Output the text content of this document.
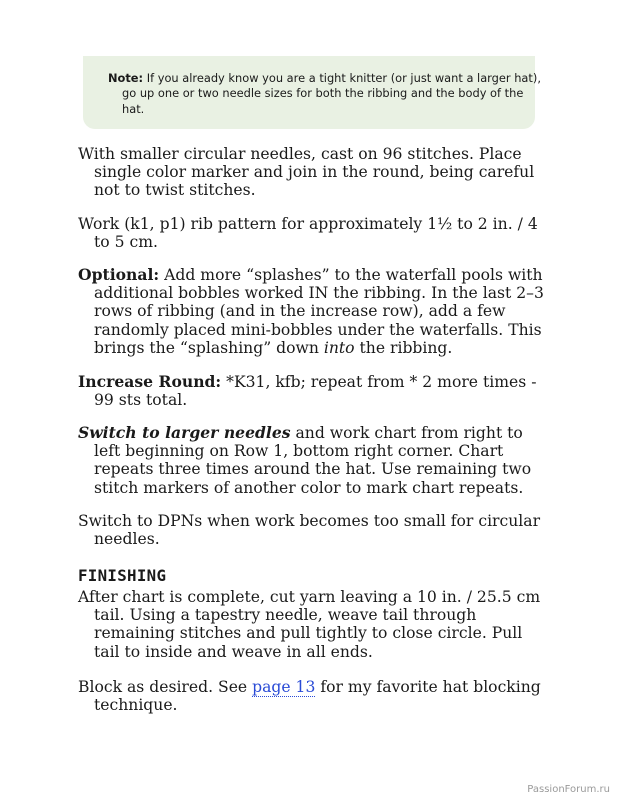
Note: If you already know you are a tight knitter (or just want a larger hat), go up one or two needle sizes for both the ribbing and the body of the hat.
With smaller circular needles, cast on 96 stitches. Place single color marker and join in the round, being careful not to twist stitches.
Work (k1, p1) rib pattern for approximately 1½ to 2 in. / 4 to 5 cm.
Optional: Add more “splashes” to the waterfall pools with additional bobbles worked IN the ribbing. In the last 2–3 rows of ribbing (and in the increase row), add a few randomly placed mini-bobbles under the waterfalls. This brings the “splashing” down into the ribbing.
Increase Round: *K31, kfb; repeat from * 2 more times - 99 sts total.
Switch to larger needles and work chart from right to left beginning on Row 1, bottom right corner. Chart repeats three times around the hat. Use remaining two stitch markers of another color to mark chart repeats.
Switch to DPNs when work becomes too small for circular needles.
FINISHING
After chart is complete, cut yarn leaving a 10 in. / 25.5 cm tail. Using a tapestry needle, weave tail through remaining stitches and pull tightly to close circle. Pull tail to inside and weave in all ends.
Block as desired. See page 13 for my favorite hat blocking technique.
PassionForum.ru
